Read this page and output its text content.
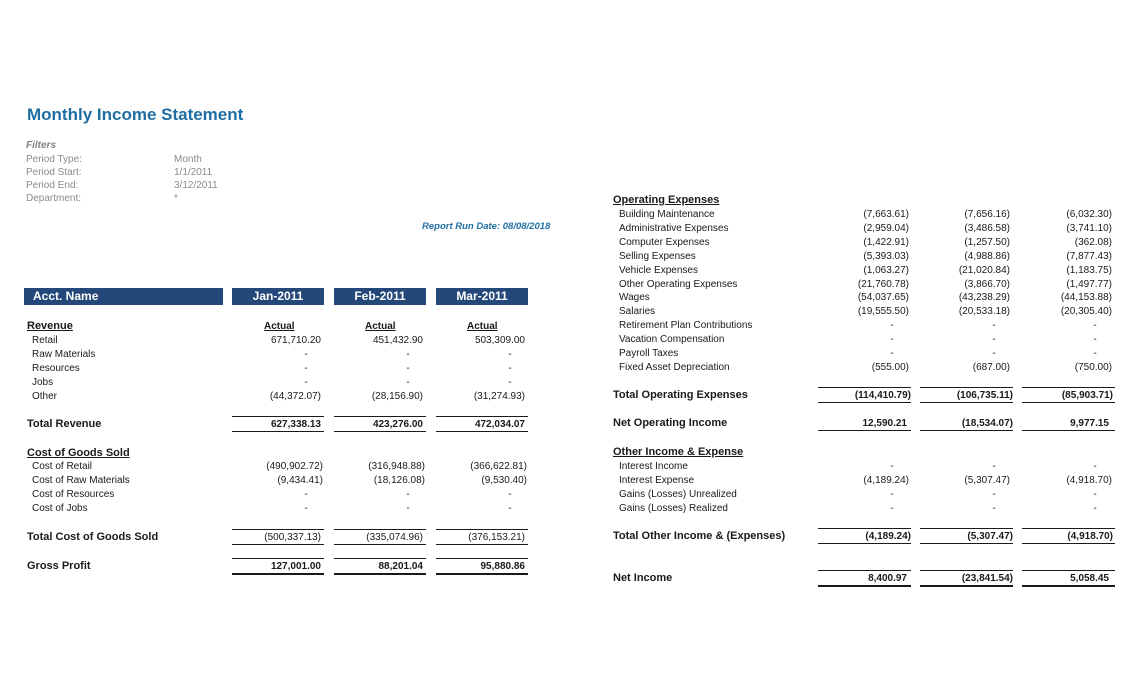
Monthly Income Statement
Filters
Period Type:	Month
Period Start:	1/1/2011
Period End:	3/12/2011
Department:	*
Report Run Date: 08/08/2018
Acct. Name	Jan-2011	Feb-2011	Mar-2011
Revenue	Actual	Actual	Actual
Retail	671,710.20	451,432.90	503,309.00
Raw Materials	-	-	-
Resources	-	-	-
Jobs	-	-	-
Other	(44,372.07)	(28,156.90)	(31,274.93)
Total Revenue	627,338.13	423,276.00	472,034.07
Cost of Goods Sold
Cost of Retail	(490,902.72)	(316,948.88)	(366,622.81)
Cost of Raw Materials	(9,434.41)	(18,126.08)	(9,530.40)
Cost of Resources	-	-	-
Cost of Jobs	-	-	-
Total Cost of Goods Sold	(500,337.13)	(335,074.96)	(376,153.21)
Gross Profit	127,001.00	88,201.04	95,880.86
Operating Expenses
Building Maintenance	(7,663.61)	(7,656.16)	(6,032.30)
Administrative Expenses	(2,959.04)	(3,486.58)	(3,741.10)
Computer Expenses	(1,422.91)	(1,257.50)	(362.08)
Selling Expenses	(5,393.03)	(4,988.86)	(7,877.43)
Vehicle Expenses	(1,063.27)	(21,020.84)	(1,183.75)
Other Operating Expenses	(21,760.78)	(3,866.70)	(1,497.77)
Wages	(54,037.65)	(43,238.29)	(44,153.88)
Salaries	(19,555.50)	(20,533.18)	(20,305.40)
Retirement Plan Contributions	-	-	-
Vacation Compensation	-	-	-
Payroll Taxes	-	-	-
Fixed Asset Depreciation	(555.00)	(687.00)	(750.00)
Total Operating Expenses	(114,410.79)	(106,735.11)	(85,903.71)
Net Operating Income	12,590.21	(18,534.07)	9,977.15
Other Income & Expense
Interest Income	-	-	-
Interest Expense	(4,189.24)	(5,307.47)	(4,918.70)
Gains (Losses) Unrealized	-	-	-
Gains (Losses) Realized	-	-	-
Total Other Income & (Expenses)	(4,189.24)	(5,307.47)	(4,918.70)
Net Income	8,400.97	(23,841.54)	5,058.45
